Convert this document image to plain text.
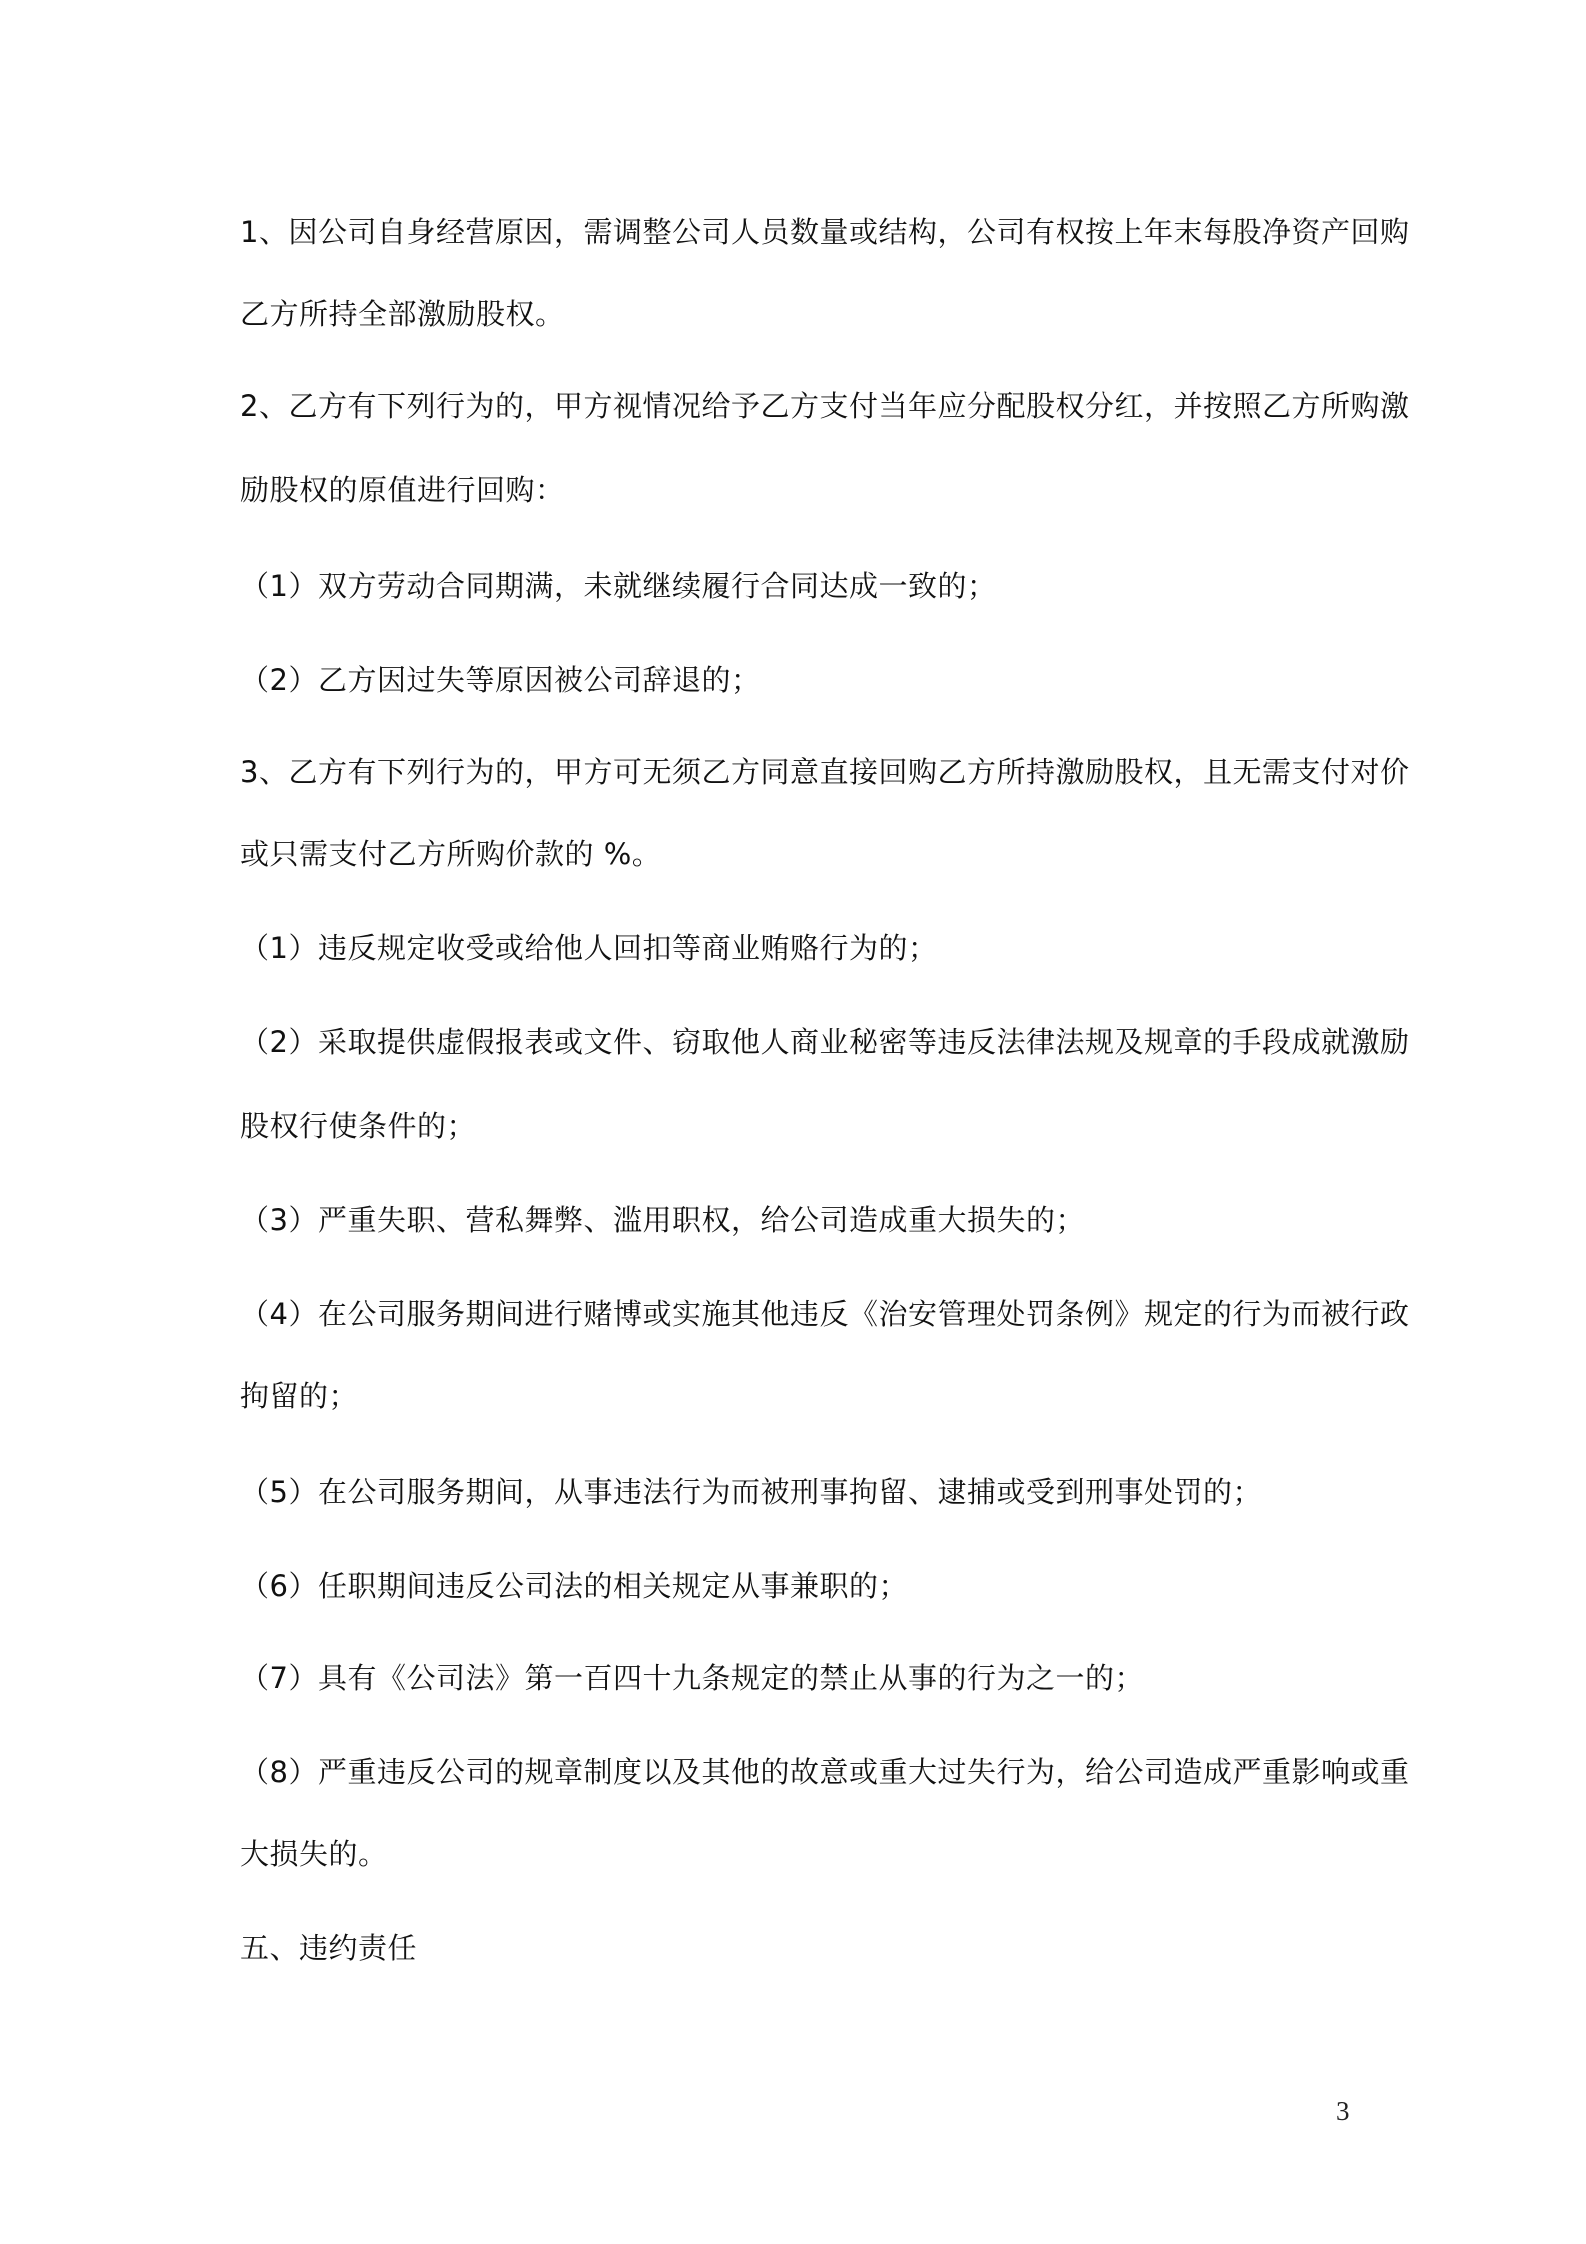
1、因公司自身经营原因，需调整公司人员数量或结构，公司有权按上年末每股净资产回购
乙方所持全部激励股权。
2、乙方有下列行为的，甲方视情况给予乙方支付当年应分配股权分红，并按照乙方所购激
励股权的原值进行回购：
（1）双方劳动合同期满，未就继续履行合同达成一致的；
（2）乙方因过失等原因被公司辞退的；
3、乙方有下列行为的，甲方可无须乙方同意直接回购乙方所持激励股权，且无需支付对价
或只需支付乙方所购价款的 %。
（1）违反规定收受或给他人回扣等商业贿赂行为的；
（2）采取提供虚假报表或文件、窃取他人商业秘密等违反法律法规及规章的手段成就激励
股权行使条件的；
（3）严重失职、营私舞弊、滥用职权，给公司造成重大损失的；
（4）在公司服务期间进行赌博或实施其他违反《治安管理处罚条例》规定的行为而被行政
拘留的；
（5）在公司服务期间，从事违法行为而被刑事拘留、逮捕或受到刑事处罚的；
（6）任职期间违反公司法的相关规定从事兼职的；
（7）具有《公司法》第一百四十九条规定的禁止从事的行为之一的；
（8）严重违反公司的规章制度以及其他的故意或重大过失行为，给公司造成严重影响或重
大损失的。
五、违约责任
3
